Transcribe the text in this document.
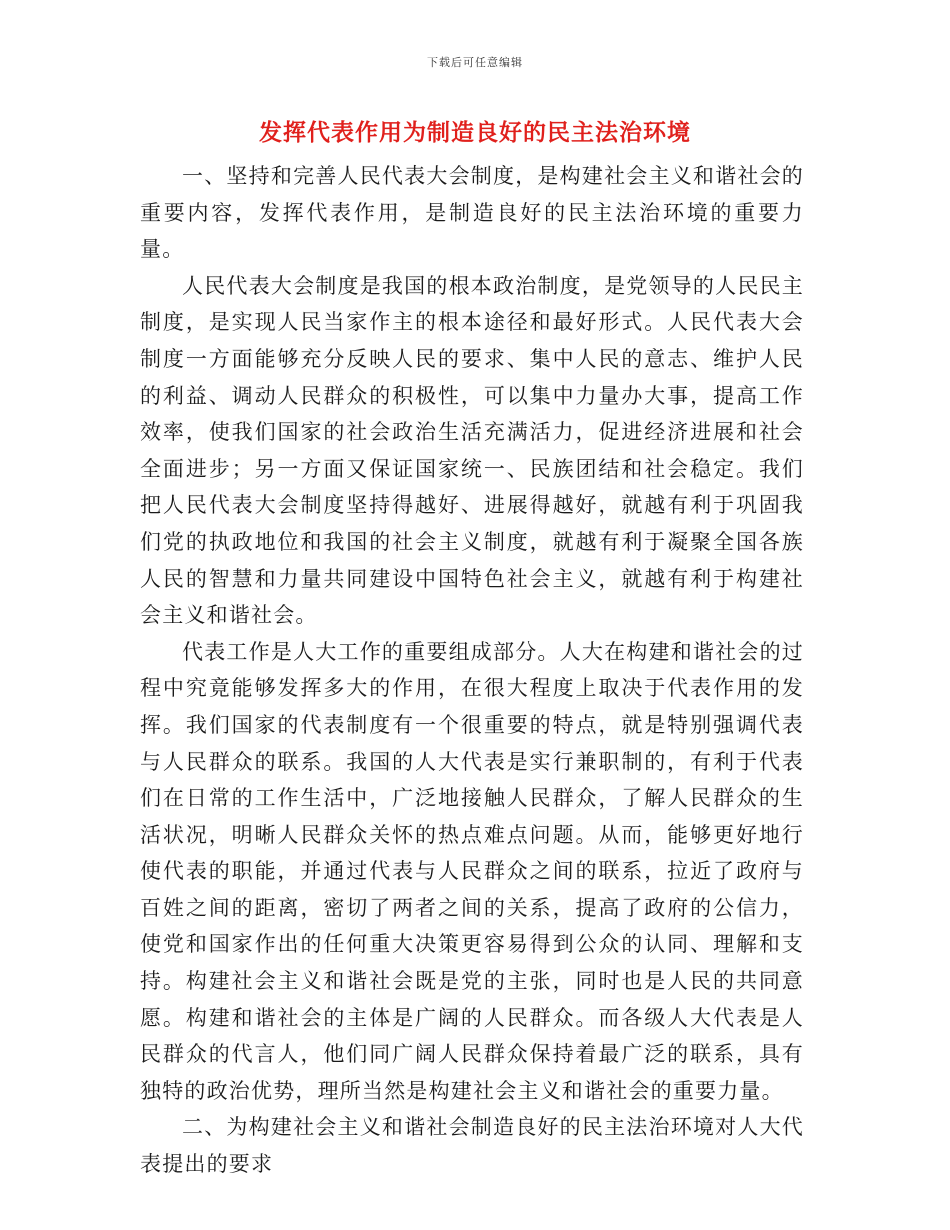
下载后可任意编辑
发挥代表作用为制造良好的民主法治环境

一、坚持和完善人民代表大会制度，是构建社会主义和谐社会的重要内容，发挥代表作用，是制造良好的民主法治环境的重要力量。

人民代表大会制度是我国的根本政治制度，是党领导的人民民主制度，是实现人民当家作主的根本途径和最好形式。人民代表大会制度一方面能够充分反映人民的要求、集中人民的意志、维护人民的利益、调动人民群众的积极性，可以集中力量办大事，提高工作效率，使我们国家的社会政治生活充满活力，促进经济进展和社会全面进步；另一方面又保证国家统一、民族团结和社会稳定。我们把人民代表大会制度坚持得越好、进展得越好，就越有利于巩固我们党的执政地位和我国的社会主义制度，就越有利于凝聚全国各族人民的智慧和力量共同建设中国特色社会主义，就越有利于构建社会主义和谐社会。

代表工作是人大工作的重要组成部分。人大在构建和谐社会的过程中究竟能够发挥多大的作用，在很大程度上取决于代表作用的发挥。我们国家的代表制度有一个很重要的特点，就是特别强调代表与人民群众的联系。我国的人大代表是实行兼职制的，有利于代表们在日常的工作生活中，广泛地接触人民群众，了解人民群众的生活状况，明晰人民群众关怀的热点难点问题。从而，能够更好地行使代表的职能，并通过代表与人民群众之间的联系，拉近了政府与百姓之间的距离，密切了两者之间的关系，提高了政府的公信力，使党和国家作出的任何重大决策更容易得到公众的认同、理解和支持。构建社会主义和谐社会既是党的主张，同时也是人民的共同意愿。构建和谐社会的主体是广阔的人民群众。而各级人大代表是人民群众的代言人，他们同广阔人民群众保持着最广泛的联系，具有独特的政治优势，理所当然是构建社会主义和谐社会的重要力量。

二、为构建社会主义和谐社会制造良好的民主法治环境对人大代表提出的要求
